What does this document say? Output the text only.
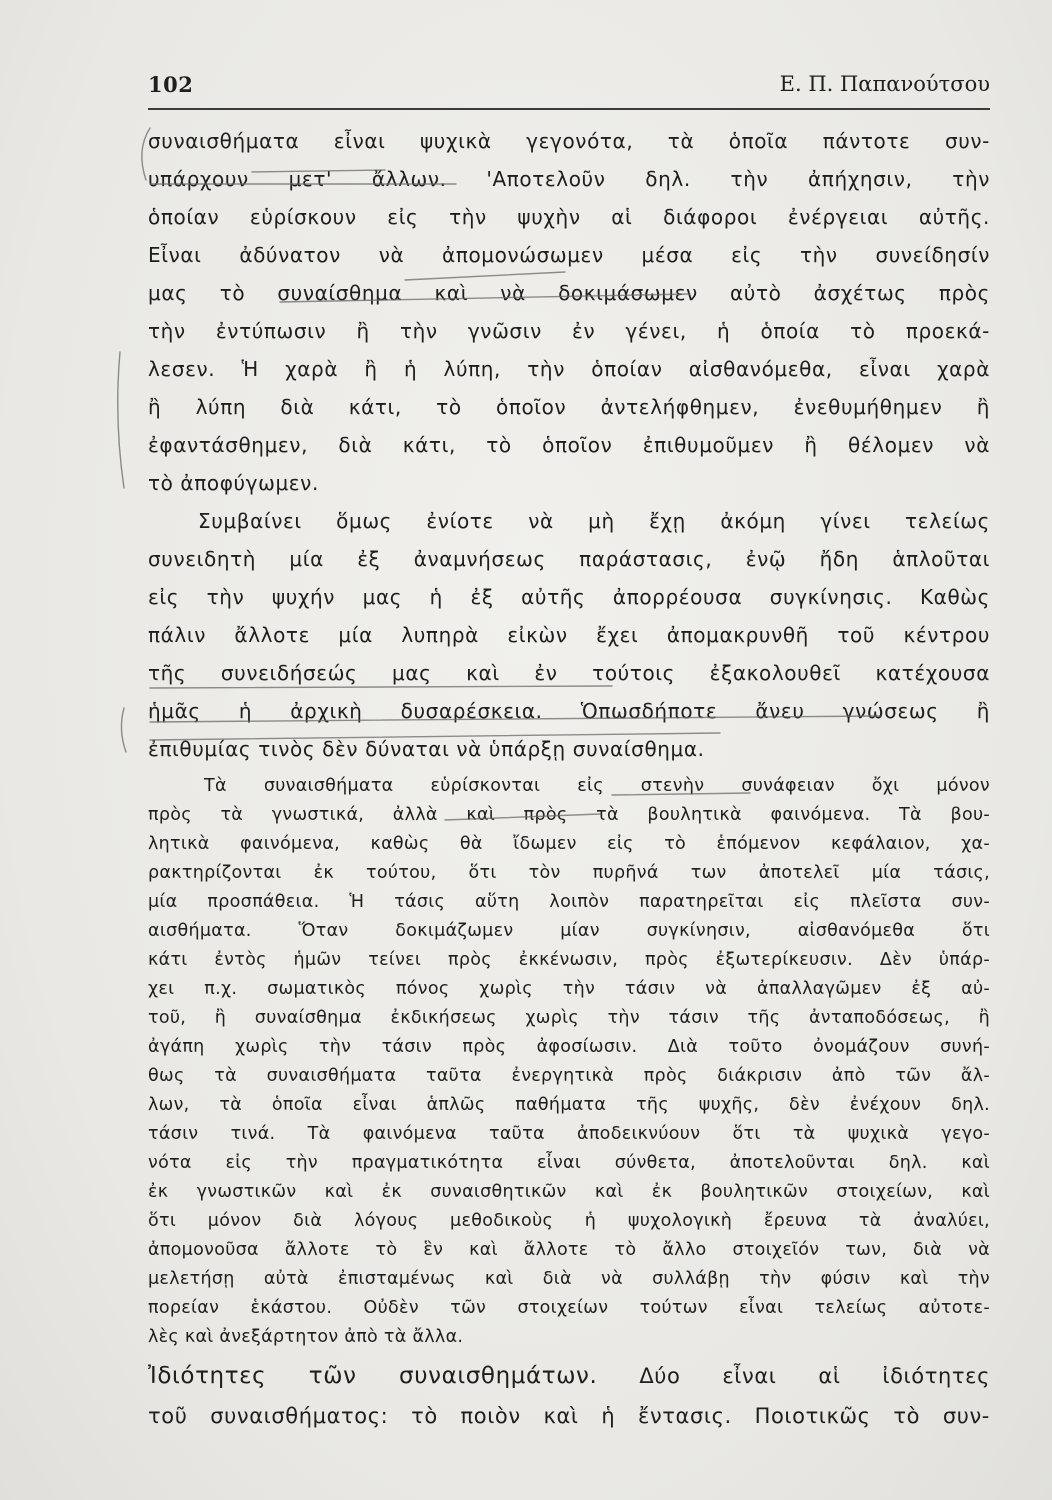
102	Ε. Π. Παπανούτσου
συναισθήματα εἶναι ψυχικὰ γεγονότα, τὰ ὁποῖα πάντοτε συν-
υπάρχουν μετ' ἄλλων. 'Αποτελοῦν δηλ. τὴν ἀπήχησιν, τὴν
ὁποίαν εὑρίσκουν εἰς τὴν ψυχὴν αἱ διάφοροι ἐνέργειαι αὐτῆς.
Εἶναι ἀδύνατον νὰ ἀπομονώσωμεν μέσα εἰς τὴν συνείδησίν
μας τὸ συναίσθημα καὶ νὰ δοκιμάσωμεν αὐτὸ ἀσχέτως πρὸς
τὴν ἐντύπωσιν ἢ τὴν γνῶσιν ἐν γένει, ἡ ὁποία τὸ προεκά-
λεσεν. Ἡ χαρὰ ἢ ἡ λύπη, τὴν ὁποίαν αἰσθανόμεθα, εἶναι χαρὰ
ἢ λύπη διὰ κάτι, τὸ ὁποῖον ἀντελήφθημεν, ἐνεθυμήθημεν ἢ
ἐφαντάσθημεν, διὰ κάτι, τὸ ὁποῖον ἐπιθυμοῦμεν ἢ θέλομεν νὰ
τὸ ἀποφύγωμεν.
Συμβαίνει ὅμως ἐνίοτε νὰ μὴ ἔχῃ ἀκόμη γίνει τελείως
συνειδητὴ μία ἐξ ἀναμνήσεως παράστασις, ἐνῷ ἤδη ἁπλοῦται
εἰς τὴν ψυχήν μας ἡ ἐξ αὐτῆς ἀπορρέουσα συγκίνησις. Καθὼς
πάλιν ἄλλοτε μία λυπηρὰ εἰκὼν ἔχει ἀπομακρυνθῆ τοῦ κέντρου
τῆς συνειδήσεώς μας καὶ ἐν τούτοις ἐξακολουθεῖ κατέχουσα
ἡμᾶς ἡ ἀρχικὴ δυσαρέσκεια. Ὁπωσδήποτε ἄνευ γνώσεως ἢ
ἐπιθυμίας τινὸς δὲν δύναται νὰ ὑπάρξῃ συναίσθημα.
Τὰ συναισθήματα εὑρίσκονται εἰς στενὴν συνάφειαν ὄχι μόνον
πρὸς τὰ γνωστικά, ἀλλὰ καὶ πρὸς τὰ βουλητικὰ φαινόμενα. Τὰ βου-
λητικὰ φαινόμενα, καθὼς θὰ ἴδωμεν εἰς τὸ ἑπόμενον κεφάλαιον, χα-
ρακτηρίζονται ἐκ τούτου, ὅτι τὸν πυρῆνά των ἀποτελεῖ μία τάσις,
μία προσπάθεια. Ἡ τάσις αὕτη λοιπὸν παρατηρεῖται εἰς πλεῖστα συν-
αισθήματα. Ὅταν δοκιμάζωμεν μίαν συγκίνησιν, αἰσθανόμεθα ὅτι
κάτι ἐντὸς ἡμῶν τείνει πρὸς ἐκκένωσιν, πρὸς ἐξωτερίκευσιν. Δὲν ὑπάρ-
χει π.χ. σωματικὸς πόνος χωρὶς τὴν τάσιν νὰ ἀπαλλαγῶμεν ἐξ αὐ-
τοῦ, ἢ συναίσθημα ἐκδικήσεως χωρὶς τὴν τάσιν τῆς ἀνταποδόσεως, ἢ
ἀγάπη χωρὶς τὴν τάσιν πρὸς ἀφοσίωσιν. Διὰ τοῦτο ὀνομάζουν συνή-
θως τὰ συναισθήματα ταῦτα ἐνεργητικὰ πρὸς διάκρισιν ἀπὸ τῶν ἄλ-
λων, τὰ ὁποῖα εἶναι ἁπλῶς παθήματα τῆς ψυχῆς, δὲν ἐνέχουν δηλ.
τάσιν τινά. Τὰ φαινόμενα ταῦτα ἀποδεικνύουν ὅτι τὰ ψυχικὰ γεγο-
νότα εἰς τὴν πραγματικότητα εἶναι σύνθετα, ἀποτελοῦνται δηλ. καὶ
ἐκ γνωστικῶν καὶ ἐκ συναισθητικῶν καὶ ἐκ βουλητικῶν στοιχείων, καὶ
ὅτι μόνον διὰ λόγους μεθοδικοὺς ἡ ψυχολογικὴ ἔρευνα τὰ ἀναλύει,
ἀπομονοῦσα ἄλλοτε τὸ ἓν καὶ ἄλλοτε τὸ ἄλλο στοιχεῖόν των, διὰ νὰ
μελετήσῃ αὐτὰ ἐπισταμένως καὶ διὰ νὰ συλλάβῃ τὴν φύσιν καὶ τὴν
πορείαν ἑκάστου. Οὐδὲν τῶν στοιχείων τούτων εἶναι τελείως αὐτοτε-
λὲς καὶ ἀνεξάρτητον ἀπὸ τὰ ἄλλα.
Ἰδιότητες τῶν συναισθημάτων. Δύο εἶναι αἱ ἰδιότητες
τοῦ συναισθήματος: τὸ ποιὸν καὶ ἡ ἔντασις. Ποιοτικῶς τὸ συν-
